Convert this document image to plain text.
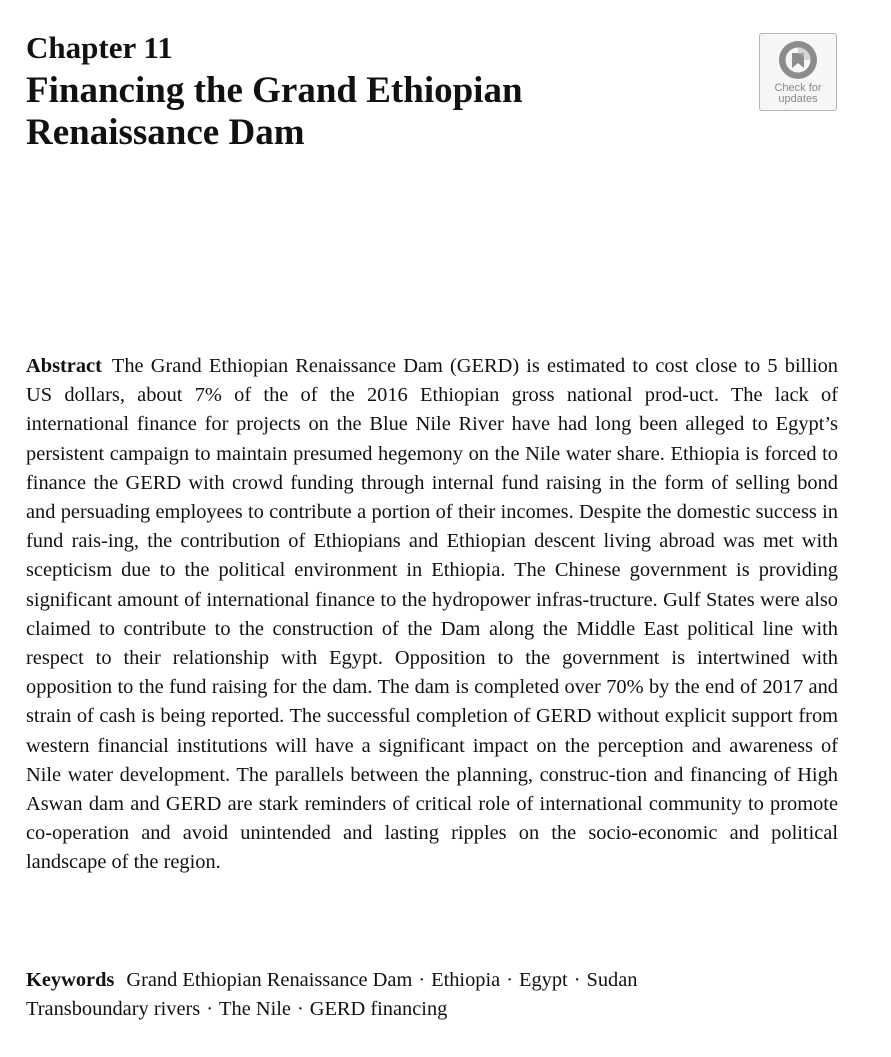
Chapter 11
Financing the Grand Ethiopian
Renaissance Dam
Check for
updates

Abstract The Grand Ethiopian Renaissance Dam (GERD) is estimated to cost close to 5 billion US dollars, about 7% of the of the 2016 Ethiopian gross national prod-uct. The lack of international finance for projects on the Blue Nile River have had long been alleged to Egypt’s persistent campaign to maintain presumed hegemony on the Nile water share. Ethiopia is forced to finance the GERD with crowd funding through internal fund raising in the form of selling bond and persuading employees to contribute a portion of their incomes. Despite the domestic success in fund rais-ing, the contribution of Ethiopians and Ethiopian descent living abroad was met with scepticism due to the political environment in Ethiopia. The Chinese government is providing significant amount of international finance to the hydropower infras-tructure. Gulf States were also claimed to contribute to the construction of the Dam along the Middle East political line with respect to their relationship with Egypt. Opposition to the government is intertwined with opposition to the fund raising for the dam. The dam is completed over 70% by the end of 2017 and strain of cash is being reported. The successful completion of GERD without explicit support from western financial institutions will have a significant impact on the perception and awareness of Nile water development. The parallels between the planning, construc-tion and financing of High Aswan dam and GERD are stark reminders of critical role of international community to promote co-operation and avoid unintended and lasting ripples on the socio-economic and political landscape of the region.

Keywords Grand Ethiopian Renaissance Dam · Ethiopia · Egypt · Sudan
Transboundary rivers · The Nile · GERD financing
